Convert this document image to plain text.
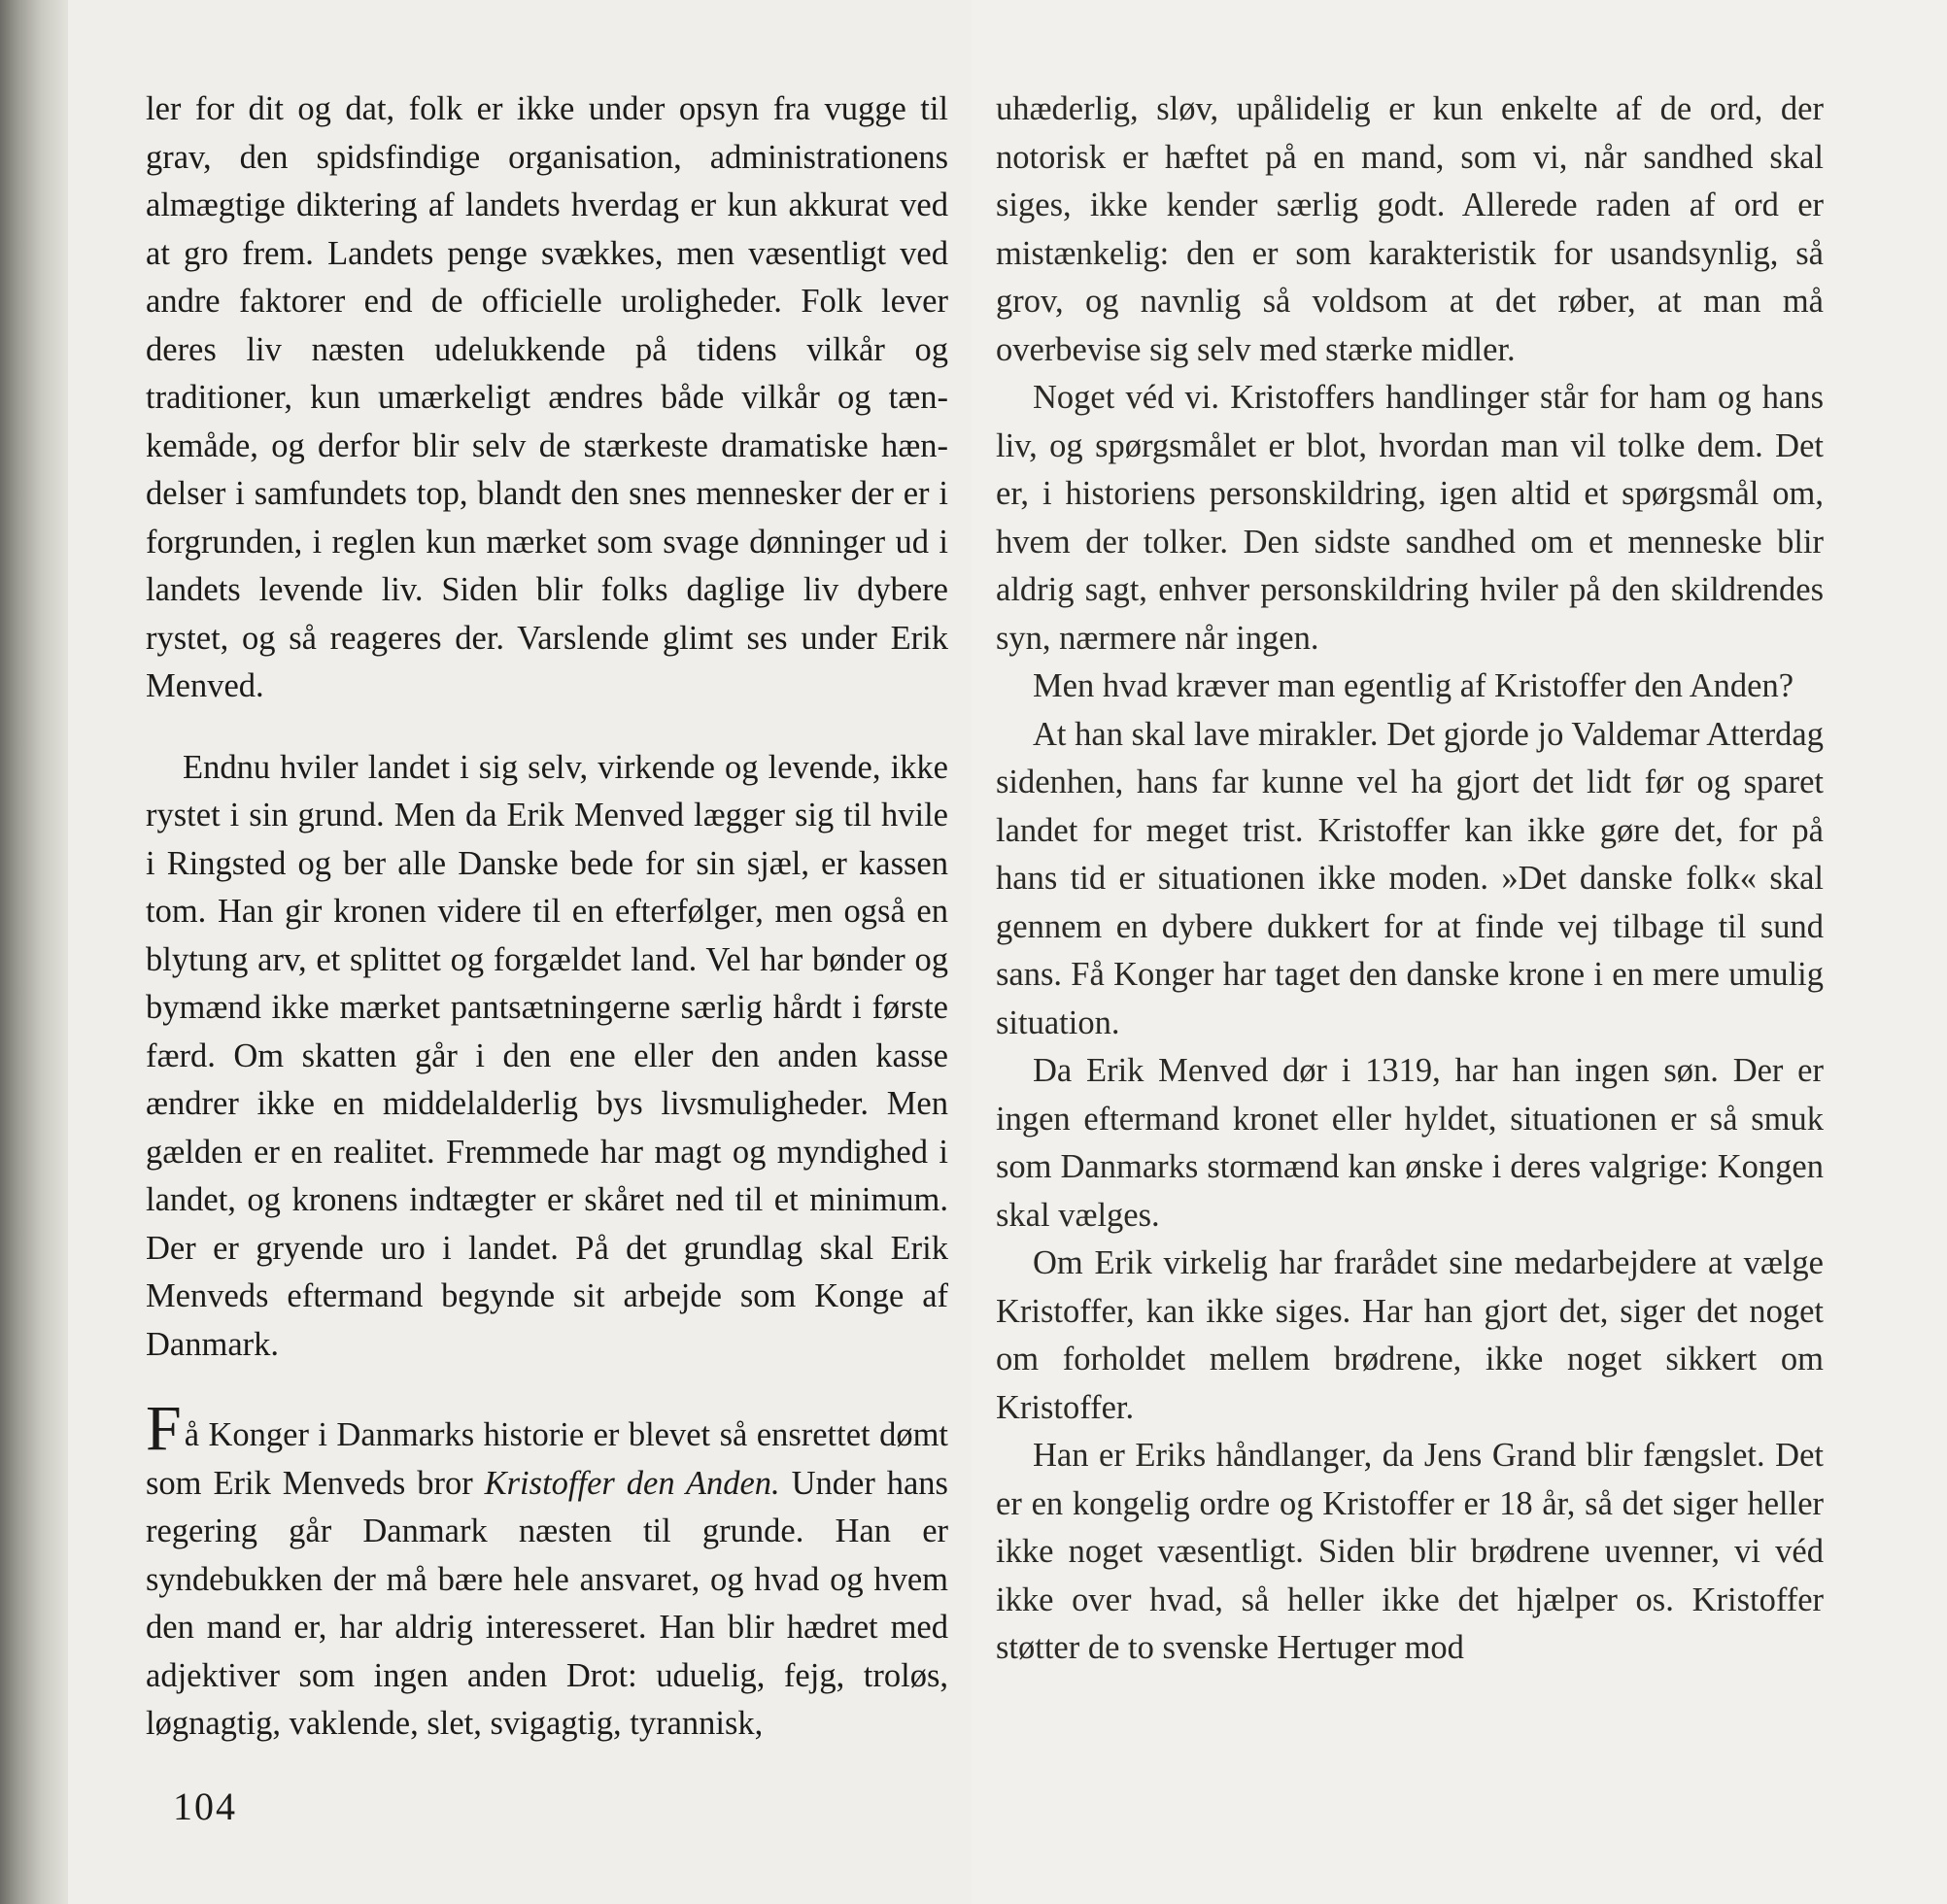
ler for dit og dat, folk er ikke under opsyn fra vugge til grav, den spidsfindige organisation, administrationens almægtige diktering af landets hverdag er kun akkurat ved at gro frem. Landets penge svækkes, men væsentligt ved andre faktorer end de officielle uroligheder. Folk lever deres liv næsten udelukkende på tidens vilkår og traditioner, kun umærkeligt ændres både vilkår og tænkemåde, og derfor blir selv de stærkeste dramatiske hændelser i samfundets top, blandt den snes mennesker der er i forgrunden, i reglen kun mærket som svage dønninger ud i landets levende liv. Siden blir folks daglige liv dybere rystet, og så reageres der. Varslende glimt ses under Erik Menved.

Endnu hviler landet i sig selv, virkende og levende, ikke rystet i sin grund. Men da Erik Menved lægger sig til hvile i Ringsted og ber alle Danske bede for sin sjæl, er kassen tom. Han gir kronen videre til en efterfølger, men også en blytung arv, et splittet og forgældet land. Vel har bønder og bymænd ikke mærket pantsætningerne særlig hårdt i første færd. Om skatten går i den ene eller den anden kasse ændrer ikke en middelalderlig bys livsmuligheder. Men gælden er en realitet. Fremmede har magt og myndighed i landet, og kronens indtægter er skåret ned til et minimum. Der er gryende uro i landet. På det grundlag skal Erik Menveds eftermand begynde sit arbejde som Konge af Danmark.

Få Konger i Danmarks historie er blevet så ensrettet dømt som Erik Menveds bror Kristoffer den Anden. Under hans regering går Danmark næsten til grunde. Han er syndebukken der må bære hele ansvaret, og hvad og hvem den mand er, har aldrig interesseret. Han blir hædret med adjektiver som ingen anden Drot: uduelig, fejg, troløs, løgnagtig, vaklende, slet, svigagtig, tyrannisk,

uhæderlig, sløv, upålidelig er kun enkelte af de ord, der notorisk er hæftet på en mand, som vi, når sandhed skal siges, ikke kender særlig godt. Allerede raden af ord er mistænkelig: den er som karakteristik for usandsynlig, så grov, og navnlig så voldsom at det røber, at man må overbevise sig selv med stærke midler.

Noget véd vi. Kristoffers handlinger står for ham og hans liv, og spørgsmålet er blot, hvordan man vil tolke dem. Det er, i historiens personskildring, igen altid et spørgsmål om, hvem der tolker. Den sidste sandhed om et menneske blir aldrig sagt, enhver personskildring hviler på den skildrendes syn, nærmere når ingen.

Men hvad kræver man egentlig af Kristoffer den Anden?

At han skal lave mirakler. Det gjorde jo Valdemar Atterdag sidenhen, hans far kunne vel ha gjort det lidt før og sparet landet for meget trist. Kristoffer kan ikke gøre det, for på hans tid er situationen ikke moden. »Det danske folk« skal gennem en dybere dukkert for at finde vej tilbage til sund sans. Få Konger har taget den danske krone i en mere umulig situation.

Da Erik Menved dør i 1319, har han ingen søn. Der er ingen eftermand kronet eller hyldet, situationen er så smuk som Danmarks stormænd kan ønske i deres valgrige: Kongen skal vælges.

Om Erik virkelig har frarådet sine medarbejdere at vælge Kristoffer, kan ikke siges. Har han gjort det, siger det noget om forholdet mellem brødrene, ikke noget sikkert om Kristoffer.

Han er Eriks håndlanger, da Jens Grand blir fængslet. Det er en kongelig ordre og Kristoffer er 18 år, så det siger heller ikke noget væsentligt. Siden blir brødrene uvenner, vi véd ikke over hvad, så heller ikke det hjælper os. Kristoffer støtter de to svenske Hertuger mod

104
